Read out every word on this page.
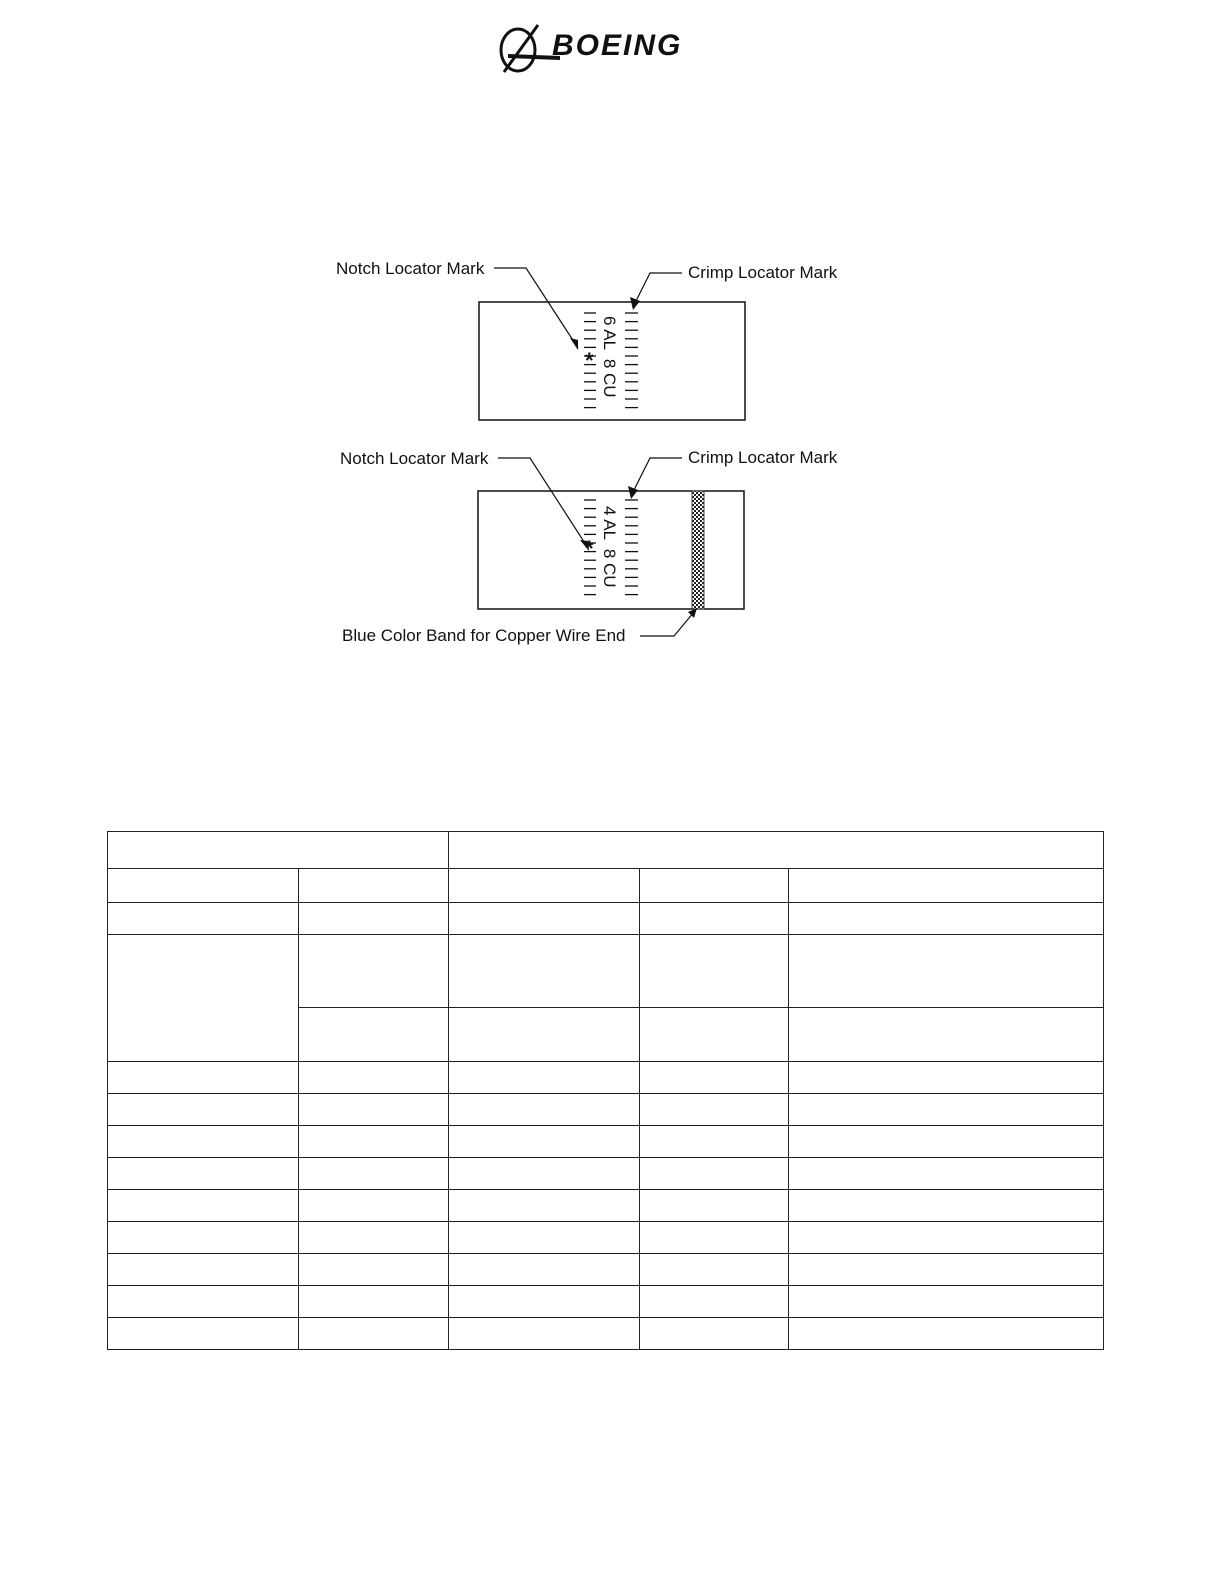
BOEING
Notch Locator Mark	Crimp Locator Mark
6 AL  8 CU
*
Notch Locator Mark	Crimp Locator Mark
4 AL  8 CU
*
Blue Color Band for Copper Wire End
